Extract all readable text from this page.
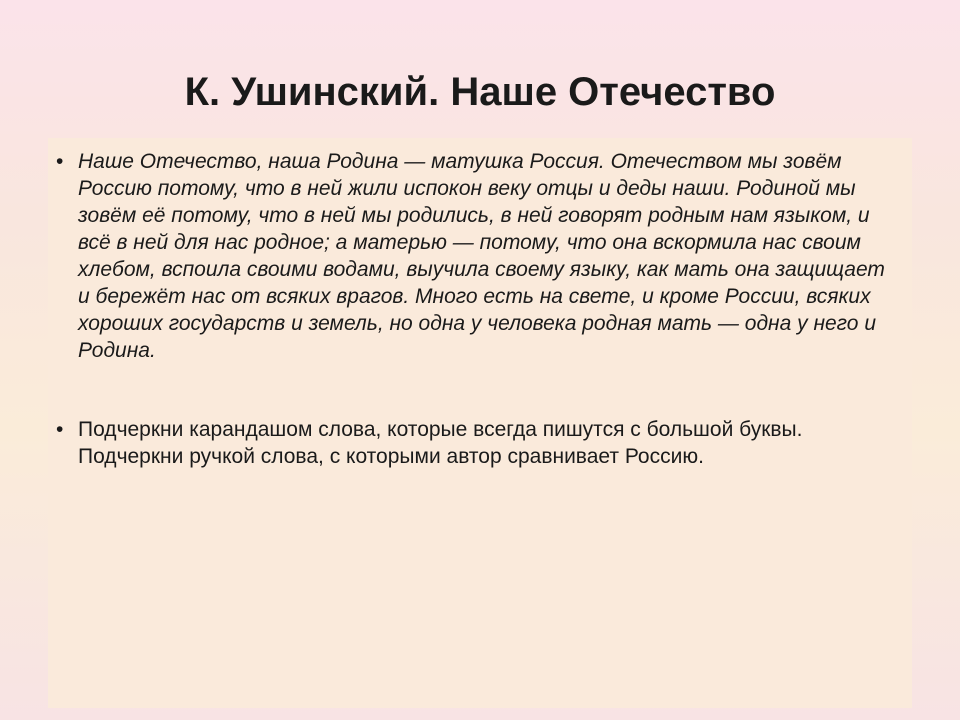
К. Ушинский. Наше Отечество
• Наше Отечество, наша Родина — матушка Россия. Отечеством мы зовём Россию потому, что в ней жили испокон веку отцы и деды наши. Родиной мы зовём её потому, что в ней мы родились, в ней говорят родным нам языком, и всё в ней для нас родное; а матерью — потому, что она вскормила нас своим хлебом, вспоила своими водами, выучила своему языку, как мать она защищает и бережёт нас от всяких врагов. Много есть на свете, и кроме России, всяких хороших государств и земель, но одна у человека родная мать — одна у него и Родина.
• Подчеркни карандашом слова, которые всегда пишутся с большой буквы. Подчеркни ручкой слова, с которыми автор сравнивает Россию.
